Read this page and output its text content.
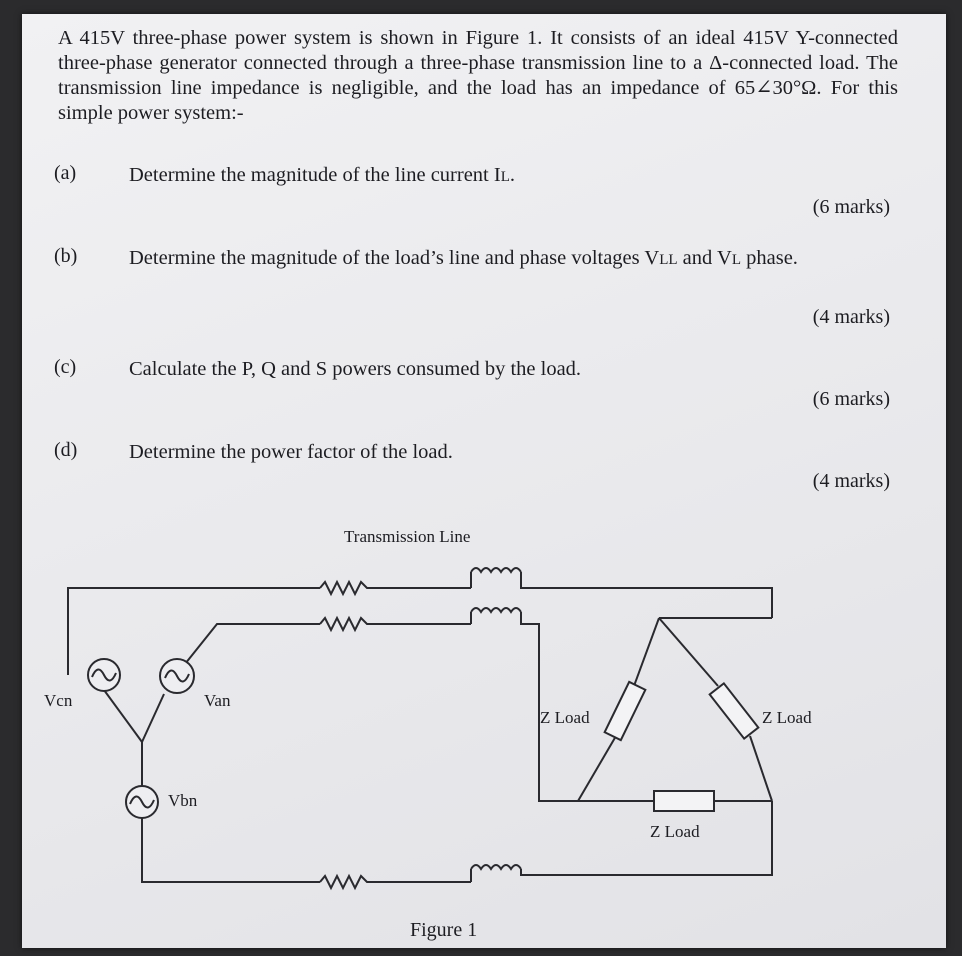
A 415V three-phase power system is shown in Figure 1. It consists of an ideal 415V Y-connected three-phase generator connected through a three-phase transmission line to a Δ-connected load. The transmission line impedance is negligible, and the load has an impedance of 65∠30°Ω. For this simple power system:-
(a)	Determine the magnitude of the line current IL.
(6 marks)
(b)	Determine the magnitude of the load’s line and phase voltages VLL and VL phase.
(4 marks)
(c)	Calculate the P, Q and S powers consumed by the load.
(6 marks)
(d)	Determine the power factor of the load.
(4 marks)
Transmission Line
Vcn	Van
Vbn
Z Load	Z Load
Z Load
Figure 1
